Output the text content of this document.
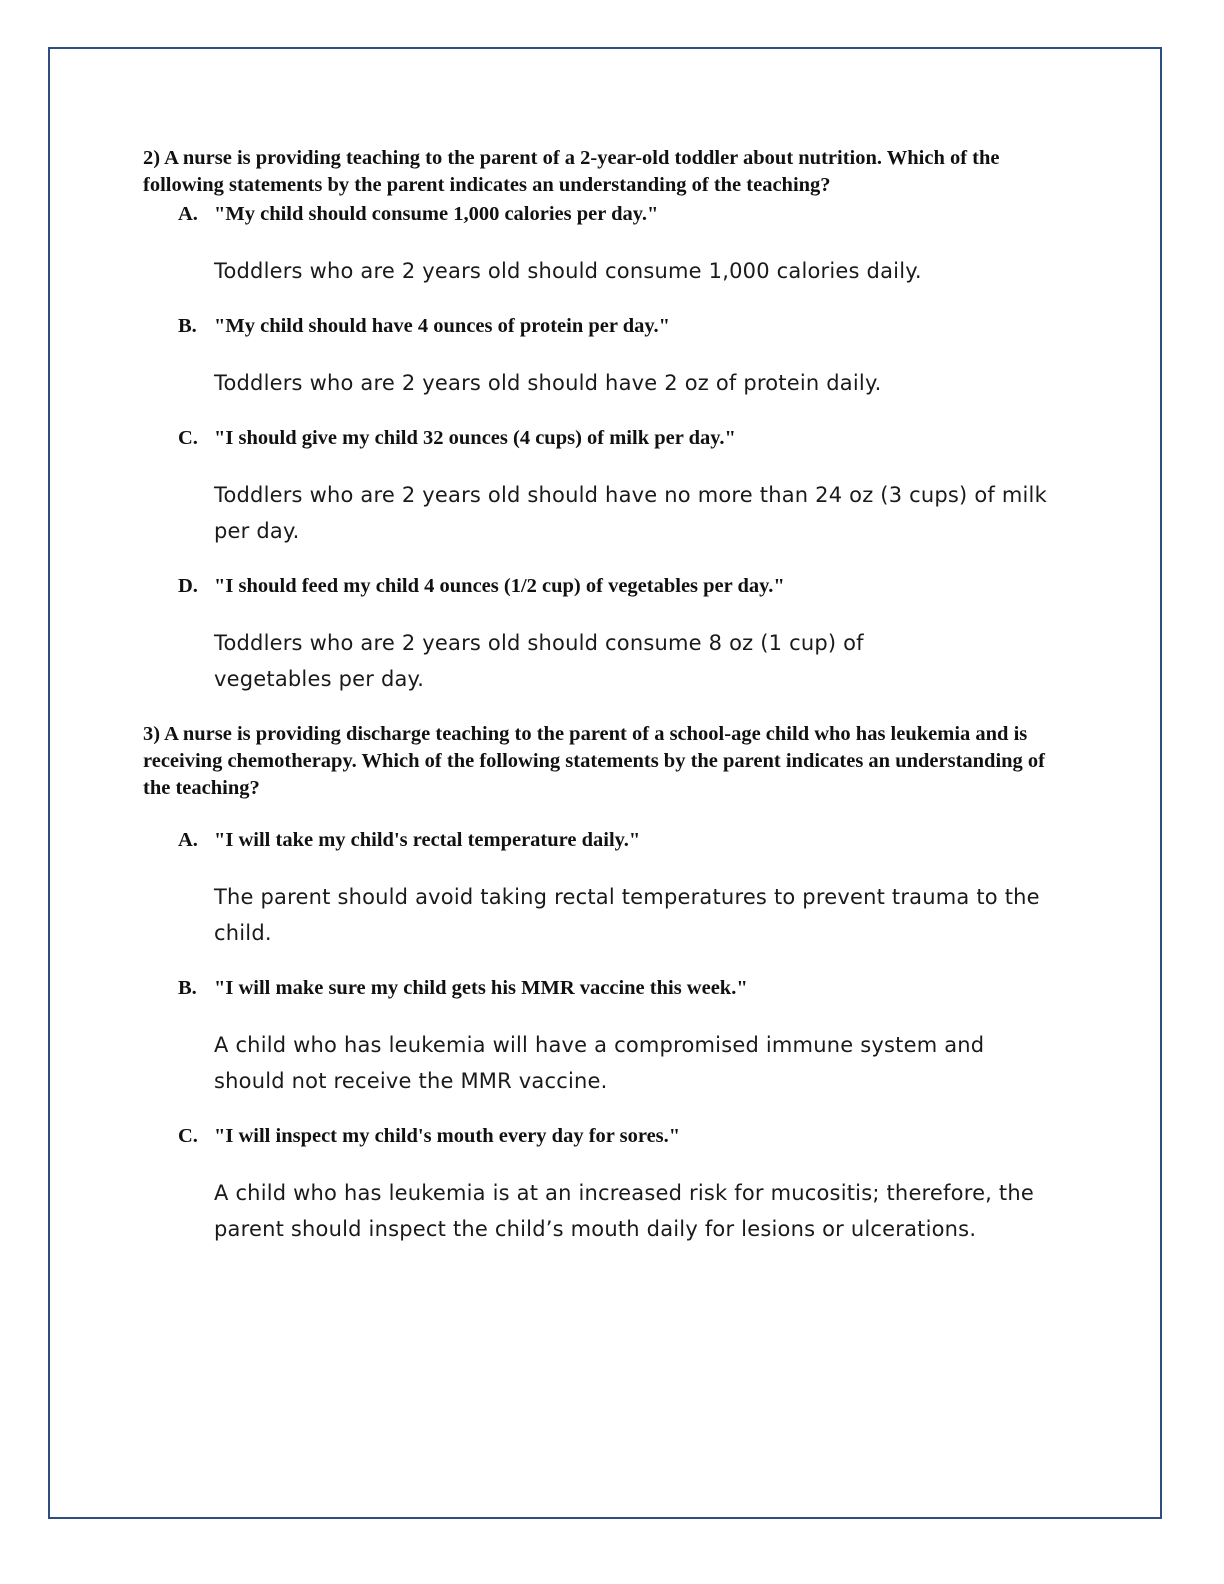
2) A nurse is providing teaching to the parent of a 2-year-old toddler about nutrition. Which of the following statements by the parent indicates an understanding of the teaching?

A. "My child should consume 1,000 calories per day."
Toddlers who are 2 years old should consume 1,000 calories daily.
B. "My child should have 4 ounces of protein per day."
Toddlers who are 2 years old should have 2 oz of protein daily.
C. "I should give my child 32 ounces (4 cups) of milk per day."
Toddlers who are 2 years old should have no more than 24 oz (3 cups) of milk per day.
D. "I should feed my child 4 ounces (1/2 cup) of vegetables per day."
Toddlers who are 2 years old should consume 8 oz (1 cup) of vegetables per day.

3) A nurse is providing discharge teaching to the parent of a school-age child who has leukemia and is receiving chemotherapy. Which of the following statements by the parent indicates an understanding of the teaching?

A. "I will take my child's rectal temperature daily."
The parent should avoid taking rectal temperatures to prevent trauma to the child.
B. "I will make sure my child gets his MMR vaccine this week."
A child who has leukemia will have a compromised immune system and should not receive the MMR vaccine.
C. "I will inspect my child's mouth every day for sores."
A child who has leukemia is at an increased risk for mucositis; therefore, the parent should inspect the child’s mouth daily for lesions or ulcerations.
